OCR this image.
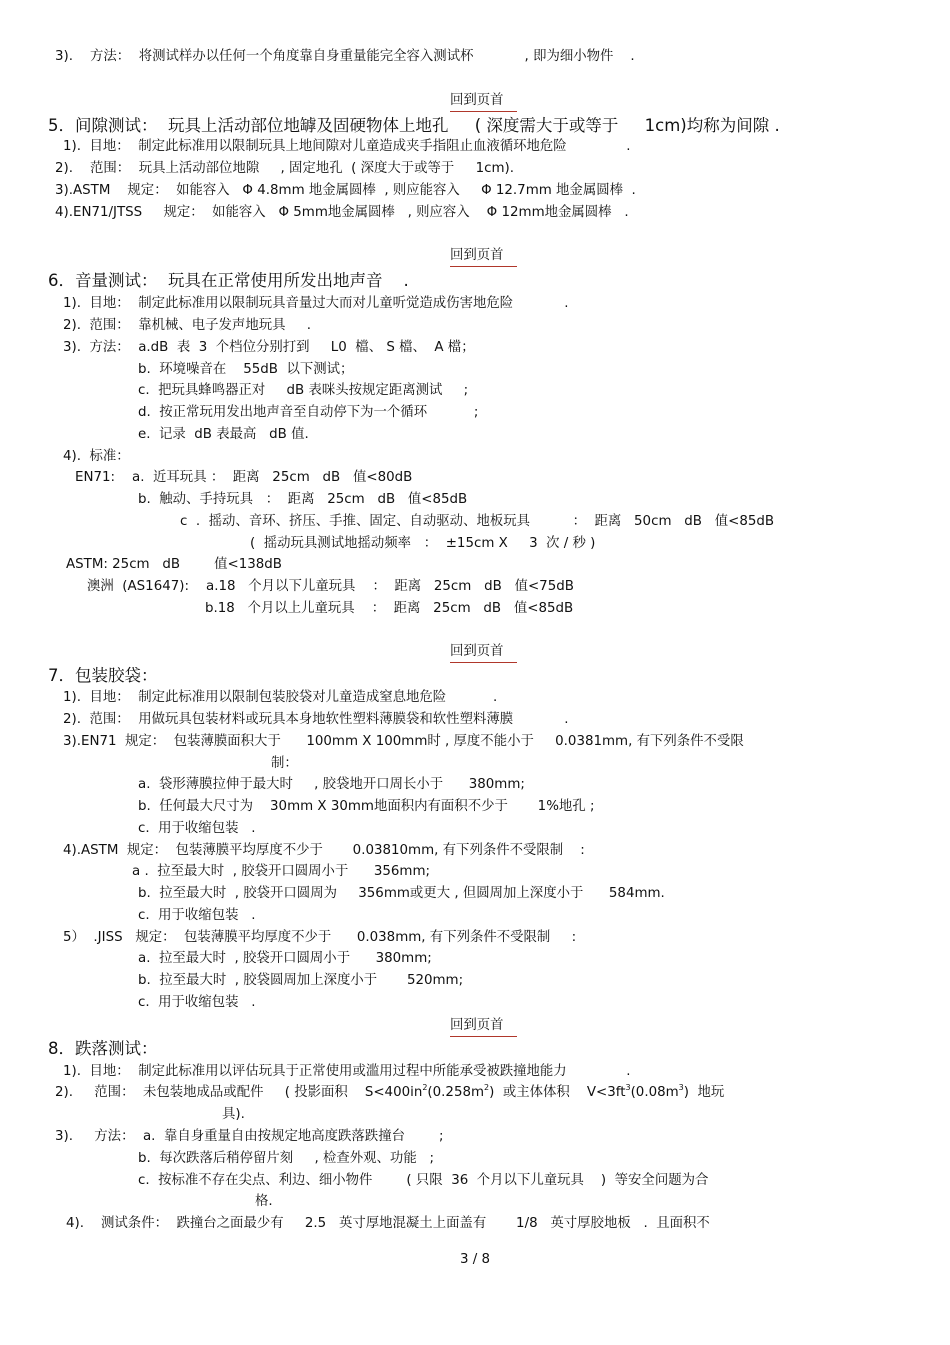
3).    方法：  将测试样办以任何一个角度靠自身重量能完全容入测试杯            , 即为细小物件    .
回到页首
5．间隙测试：  玩具上活动部位地罅及固硬物体上地孔     ( 深度需大于或等于     1cm)均称为间隙 .
1).  目地：  制定此标准用以限制玩具上地间隙对儿童造成夹手指阻止血液循环地危险              .
2).    范围：  玩具上活动部位地隙     , 固定地孔  ( 深度大于或等于     1cm).
3).ASTM    规定：  如能容入   Φ 4.8mm 地金属圆棒  , 则应能容入     Φ 12.7mm 地金属圆棒  .
4).EN71/JTSS     规定：  如能容入   Φ 5mm地金属圆棒   , 则应容入    Φ 12mm地金属圆棒   .
回到页首
6．音量测试：  玩具在正常使用所发出地声音    .
1).  目地：  制定此标准用以限制玩具音量过大而对儿童听觉造成伤害地危险            .
2).  范围：  靠机械、电子发声地玩具     .
3).  方法：  a.dB  表  3  个档位分别打到     L0  檔、 S 檔、  A 檔；
b.  环境噪音在    55dB  以下测试；
c.  把玩具蜂鸣器正对     dB 表咪头按规定距离测试     ;
d.  按正常玩用发出地声音至自动停下为一个循环           ;
e.  记录  dB 表最高   dB 值.
4).  标准：
EN71:    a.  近耳玩具 ：  距离   25cm   dB   值<80dB
b.  触动、手持玩具   ：  距离   25cm   dB   值<85dB
c  .  摇动、音环、挤压、手推、固定、自动驱动、地板玩具          ：  距离   50cm   dB   值<85dB
(  摇动玩具测试地摇动频率   ：  ±15cm X     3  次 / 秒 )
ASTM: 25cm   dB        值<138dB
澳洲  (AS1647):    a.18   个月以下儿童玩具    ：  距离   25cm   dB   值<75dB
b.18   个月以上儿童玩具    ：  距离   25cm   dB   值<85dB
回到页首
7．包装胶袋：
1).  目地：  制定此标准用以限制包装胶袋对儿童造成窒息地危险           .
2).  范围：  用做玩具包装材料或玩具本身地软性塑料薄膜袋和软性塑料薄膜            .
3).EN71  规定：  包装薄膜面积大于      100mm X 100mm时 , 厚度不能小于     0.0381mm, 有下列条件不受限
制：
a.  袋形薄膜拉伸于最大时     , 胶袋地开口周长小于      380mm;
b.  任何最大尺寸为    30mm X 30mm地面积内有面积不少于       1%地孔 ;
c.  用于收缩包装   .
4).ASTM  规定：  包装薄膜平均厚度不少于       0.03810mm, 有下列条件不受限制    :
a .  拉至最大时  , 胶袋开口圆周小于      356mm;
b.  拉至最大时  , 胶袋开口圆周为     356mm或更大 , 但圆周加上深度小于      584mm.
c.  用于收缩包装   .
5）  .JISS   规定：  包装薄膜平均厚度不少于      0.038mm, 有下列条件不受限制     :
a.  拉至最大时  , 胶袋开口圆周小于      380mm;
b.  拉至最大时  , 胶袋圆周加上深度小于       520mm;
c.  用于收缩包装   .
回到页首
8．跌落测试：
1).  目地：  制定此标准用以评估玩具于正常使用或滥用过程中所能承受被跌撞地能力              .
2).     范围：  未包装地成品或配件     ( 投影面积    $S<400in^2(0.258m^2)$  或主体体积    $V<3ft^3(0.08m^3)$  地玩
具).
3).     方法：  a.  靠自身重量自由按规定地高度跌落跌撞台        ;
b.  每次跌落后稍停留片刻     , 检查外观、功能   ;
c.  按标准不存在尖点、利边、细小物件        ( 只限  36  个月以下儿童玩具    )  等安全问题为合
格.
4).    测试条件：  跌撞台之面最少有     2.5   英寸厚地混凝土上面盖有       1/8   英寸厚胶地板   .  且面积不
3 / 8
